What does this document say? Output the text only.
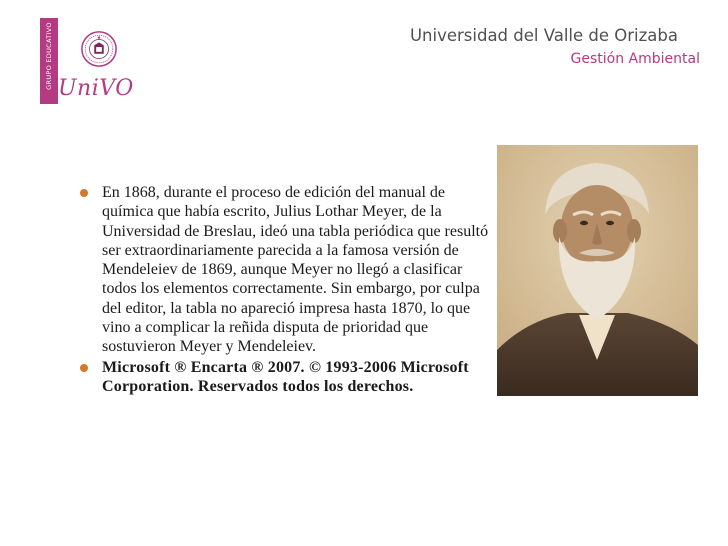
GRUPO EDUCATIVO UniVO
Universidad del Valle de Orizaba
Gestión Ambiental
En 1868, durante el proceso de edición del manual de química que había escrito, Julius Lothar Meyer, de la Universidad de Breslau, ideó una tabla periódica que resultó ser extraordinariamente parecida a la famosa versión de Mendeleiev de 1869, aunque Meyer no llegó a clasificar todos los elementos correctamente. Sin embargo, por culpa del editor, la tabla no apareció impresa hasta 1870, lo que vino a complicar la reñida disputa de prioridad que sostuvieron Meyer y Mendeleiev.
Microsoft ® Encarta ® 2007. © 1993-2006 Microsoft Corporation. Reservados todos los derechos.
